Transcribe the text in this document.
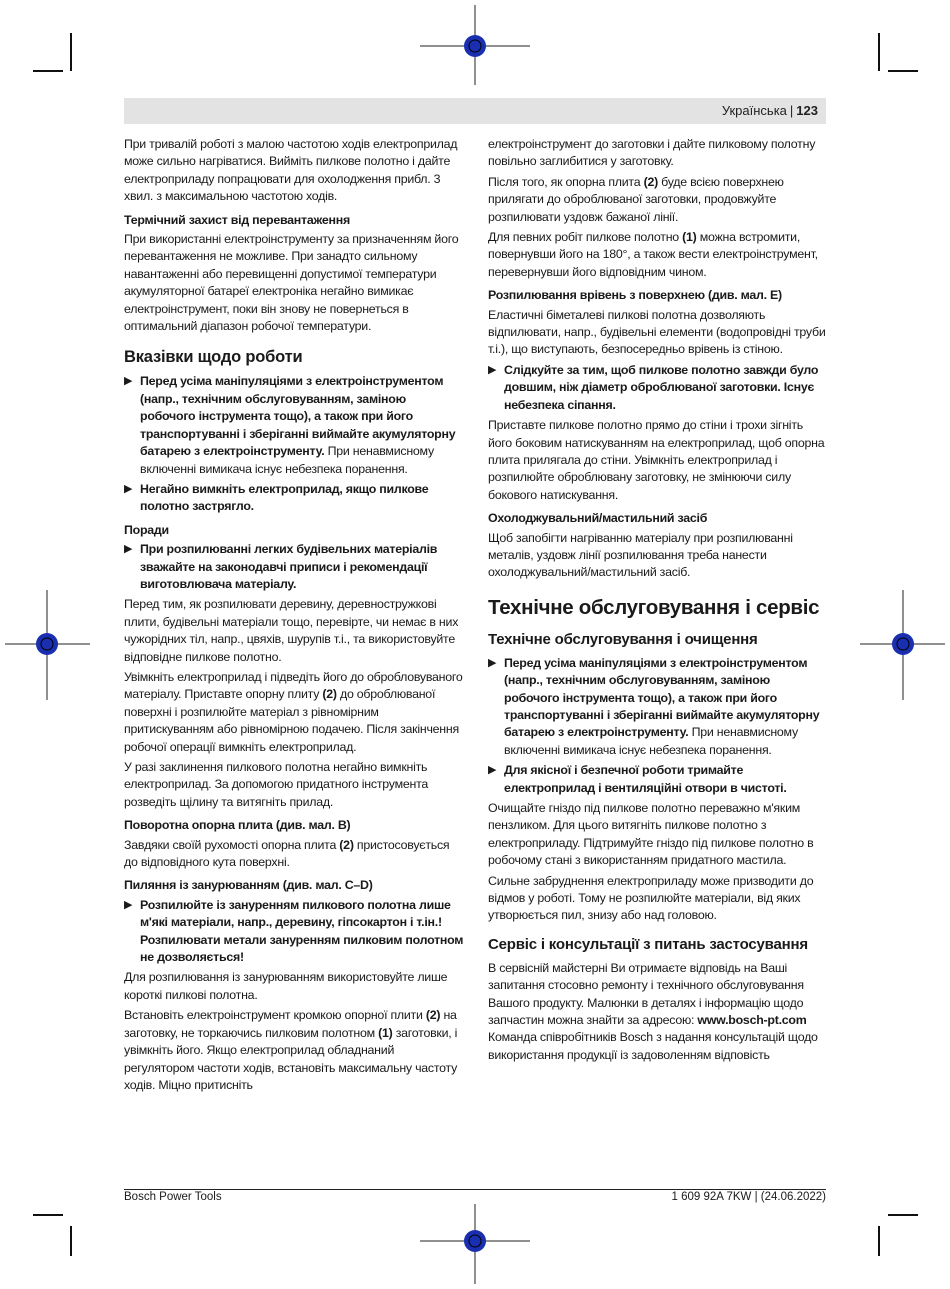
Українська | 123

При тривалій роботі з малою частотою ходів електроприлад може сильно нагріватися. Вийміть пилкове полотно і дайте електроприладу попрацювати для охолодження прибл. 3 хвил. з максимальною частотою ходів.

Термічний захист від перевантаження

При використанні електроінструменту за призначенням його перевантаження не можливе. При занадто сильному навантаженні або перевищенні допустимої температури акумуляторної батареї електроніка негайно вимикає електроінструмент, поки він знову не повернеться в оптимальний діапазон робочої температури.

Вказівки щодо роботи
▶ Перед усіма маніпуляціями з електроінструментом (напр., технічним обслуговуванням, заміною робочого інструмента тощо), а також при його транспортуванні і зберіганні виймайте акумуляторну батарею з електроінструменту. При ненавмисному включенні вимикача існує небезпека поранення.
▶ Негайно вимкніть електроприлад, якщо пилкове полотно застрягло.
Поради
▶ При розпилюванні легких будівельних матеріалів зважайте на законодавчі приписи і рекомендації виготовлювача матеріалу.

Перед тим, як розпилювати деревину, деревностружкові плити, будівельні матеріали тощо, перевірте, чи немає в них чужорідних тіл, напр., цвяхів, шурупів т.і., та використовуйте відповідне пилкове полотно.

Увімкніть електроприлад і підведіть його до обробловуваного матеріалу. Приставте опорну плиту (2) до оброблюваної поверхні і розпилюйте матеріал з рівномірним притискуванням або рівномірною подачею. Після закінчення робочої операції вимкніть електроприлад.

У разі заклинення пилкового полотна негайно вимкніть електроприлад. За допомогою придатного інструмента розведіть щілину та витягніть прилад.

Поворотна опорна плита (див. мал. B)

Завдяки своїй рухомості опорна плита (2) пристосовується до відповідного кута поверхні.

Пиляння із занурюванням (див. мал. C–D)
▶ Розпилюйте із зануренням пилкового полотна лише м'які матеріали, напр., деревину, гіпсокартон і т.ін.! Розпилювати метали зануренням пилковим полотном не дозволяється!

Для розпилювання із занурюванням використовуйте лише короткі пилкові полотна.

Встановіть електроінструмент кромкою опорної плити (2) на заготовку, не торкаючись пилковим полотном (1) заготовки, і увімкніть його. Якщо електроприлад обладнаний регулятором частоти ходів, встановіть максимальну частоту ходів. Міцно притисніть

електроінструмент до заготовки і дайте пилковому полотну повільно заглибитися у заготовку.

Після того, як опорна плита (2) буде всією поверхнею прилягати до оброблюваної заготовки, продовжуйте розпилювати уздовж бажаної лінії.

Для певних робіт пилкове полотно (1) можна встромити, повернувши його на 180°, а також вести електроінструмент, перевернувши його відповідним чином.

Розпилювання врівень з поверхнею (див. мал. E)

Еластичні біметалеві пилкові полотна дозволяють відпилювати, напр., будівельні елементи (водопровідні труби т.і.), що виступають, безпосередньо врівень із стіною.

▶ Слідкуйте за тим, щоб пилкове полотно завжди було довшим, ніж діаметр оброблюваної заготовки. Існує небезпека сіпання.

Приставте пилкове полотно прямо до стіни і трохи зігніть його боковим натискуванням на електроприлад, щоб опорна плита прилягала до стіни. Увімкніть електроприлад і розпилюйте оброблювану заготовку, не змінюючи силу бокового натискування.

Охолоджувальний/мастильний засіб

Щоб запобігти нагріванню матеріалу при розпилюванні металів, уздовж лінії розпилювання треба нанести охолоджувальний/мастильний засіб.

Технічне обслуговування і сервіс
Технічне обслуговування і очищення
▶ Перед усіма маніпуляціями з електроінструментом (напр., технічним обслуговуванням, заміною робочого інструмента тощо), а також при його транспортуванні і зберіганні виймайте акумуляторну батарею з електроінструменту. При ненавмисному включенні вимикача існує небезпека поранення.
▶ Для якісної і безпечної роботи тримайте електроприлад і вентиляційні отвори в чистоті.

Очищайте гніздо під пилкове полотно переважно м'яким пензликом. Для цього витягніть пилкове полотно з електроприладу. Підтримуйте гніздо під пилкове полотно в робочому стані з використанням придатного мастила.

Сильне забруднення електроприладу може призводити до відмов у роботі. Тому не розпилюйте матеріали, від яких утворюється пил, знизу або над головою.

Сервіс і консультації з питань застосування

В сервісній майстерні Ви отримаєте відповідь на Ваші запитання стосовно ремонту і технічного обслуговування Вашого продукту. Малюнки в деталях і інформацію щодо запчастин можна знайти за адресою: www.bosch-pt.com
Команда співробітників Bosch з надання консультацій щодо використання продукції із задоволенням відповість

Bosch Power Tools	1 609 92A 7KW | (24.06.2022)
